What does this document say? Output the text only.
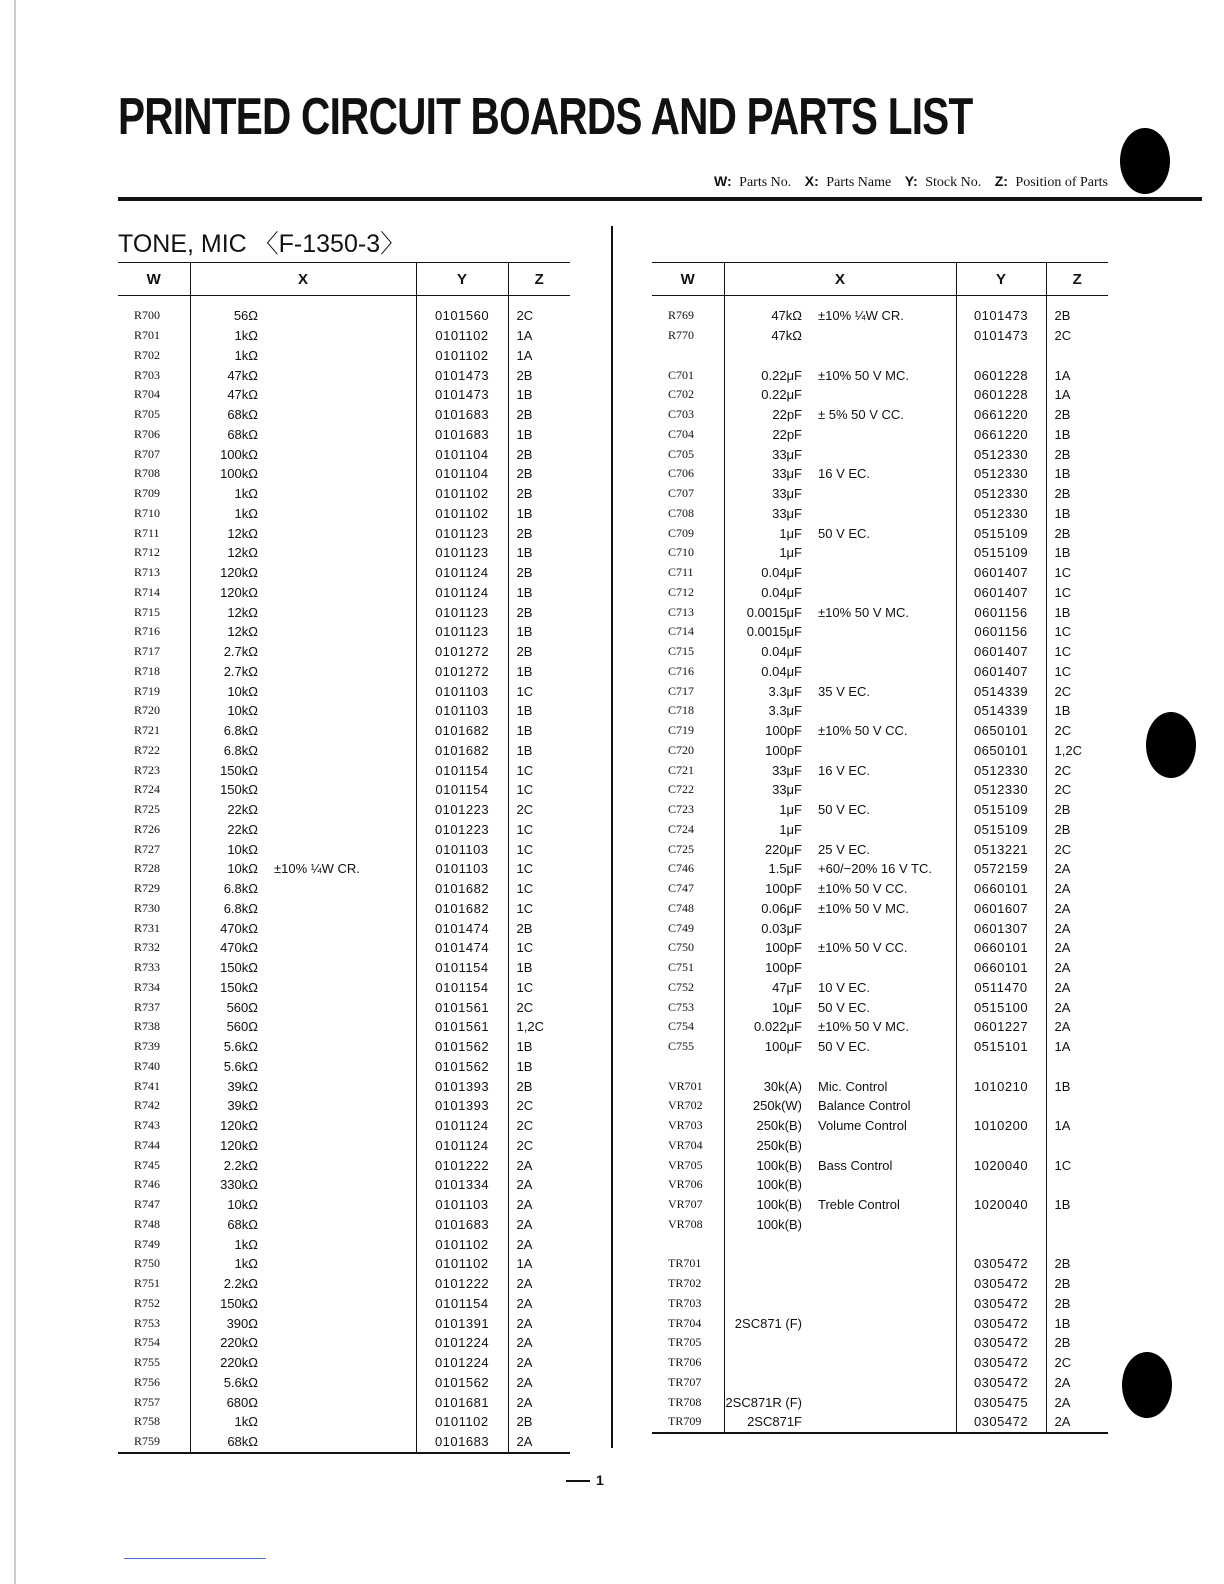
PRINTED CIRCUIT BOARDS AND PARTS LIST
W: Parts No. X: Parts Name Y: Stock No. Z: Position of Parts
TONE, MIC 〈F-1350-3〉
W	X		Y	Z

R700	56Ω		0101560	2C
R701	1kΩ		0101102	1A
R702	1kΩ		0101102	1A
R703	47kΩ		0101473	2B
R704	47kΩ		0101473	1B
R705	68kΩ		0101683	2B
R706	68kΩ		0101683	1B
R707	100kΩ		0101104	2B
R708	100kΩ		0101104	2B
R709	1kΩ		0101102	2B
R710	1kΩ		0101102	1B
R711	12kΩ		0101123	2B
R712	12kΩ		0101123	1B
R713	120kΩ		0101124	2B
R714	120kΩ		0101124	1B
R715	12kΩ		0101123	2B
R716	12kΩ		0101123	1B
R717	2.7kΩ		0101272	2B
R718	2.7kΩ		0101272	1B
R719	10kΩ		0101103	1C
R720	10kΩ		0101103	1B
R721	6.8kΩ		0101682	1B
R722	6.8kΩ		0101682	1B
R723	150kΩ		0101154	1C
R724	150kΩ		0101154	1C
R725	22kΩ		0101223	2C
R726	22kΩ		0101223	1C
R727	10kΩ		0101103	1C
R728	10kΩ	±10% ¼W CR.	0101103	1C
R729	6.8kΩ		0101682	1C
R730	6.8kΩ		0101682	1C
R731	470kΩ		0101474	2B
R732	470kΩ		0101474	1C
R733	150kΩ		0101154	1B
R734	150kΩ		0101154	1C
R737	560Ω		0101561	2C
R738	560Ω		0101561	1,2C
R739	5.6kΩ		0101562	1B
R740	5.6kΩ		0101562	1B
R741	39kΩ		0101393	2B
R742	39kΩ		0101393	2C
R743	120kΩ		0101124	2C
R744	120kΩ		0101124	2C
R745	2.2kΩ		0101222	2A
R746	330kΩ		0101334	2A
R747	10kΩ		0101103	2A
R748	68kΩ		0101683	2A
R749	1kΩ		0101102	2A
R750	1kΩ		0101102	1A
R751	2.2kΩ		0101222	2A
R752	150kΩ		0101154	2A
R753	390Ω		0101391	2A
R754	220kΩ		0101224	2A
R755	220kΩ		0101224	2A
R756	5.6kΩ		0101562	2A
R757	680Ω		0101681	2A
R758	1kΩ		0101102	2B
R759	68kΩ		0101683	2A
W	X		Y	Z

R769	47kΩ	±10% ¼W CR.	0101473	2B
R770	47kΩ		0101473	2C

C701	0.22μF	±10% 50 V MC.	0601228	1A
C702	0.22μF		0601228	1A
C703	22pF	± 5% 50 V CC.	0661220	2B
C704	22pF		0661220	1B
C705	33μF		0512330	2B
C706	33μF	16 V EC.	0512330	1B
C707	33μF		0512330	2B
C708	33μF		0512330	1B
C709	1μF	50 V EC.	0515109	2B
C710	1μF		0515109	1B
C711	0.04μF		0601407	1C
C712	0.04μF		0601407	1C
C713	0.0015μF	±10% 50 V MC.	0601156	1B
C714	0.0015μF		0601156	1C
C715	0.04μF		0601407	1C
C716	0.04μF		0601407	1C
C717	3.3μF	35 V EC.	0514339	2C
C718	3.3μF		0514339	1B
C719	100pF	±10% 50 V CC.	0650101	2C
C720	100pF		0650101	1,2C
C721	33μF	16 V EC.	0512330	2C
C722	33μF		0512330	2C
C723	1μF	50 V EC.	0515109	2B
C724	1μF		0515109	2B
C725	220μF	25 V EC.	0513221	2C
C746	1.5μF	+60/−20% 16 V TC.	0572159	2A
C747	100pF	±10% 50 V CC.	0660101	2A
C748	0.06μF	±10% 50 V MC.	0601607	2A
C749	0.03μF		0601307	2A
C750	100pF	±10% 50 V CC.	0660101	2A
C751	100pF		0660101	2A
C752	47μF	10 V EC.	0511470	2A
C753	10μF	50 V EC.	0515100	2A
C754	0.022μF	±10% 50 V MC.	0601227	2A
C755	100μF	50 V EC.	0515101	1A

VR701	30k(A)	Mic. Control	1010210	1B
VR702	250k(W)	Balance Control		
VR703	250k(B)	Volume Control	1010200	1A
VR704	250k(B)			
VR705	100k(B)	Bass Control	1020040	1C
VR706	100k(B)			
VR707	100k(B)	Treble Control	1020040	1B
VR708	100k(B)			

TR701			0305472	2B
TR702			0305472	2B
TR703			0305472	2B
TR704	2SC871 (F)		0305472	1B
TR705			0305472	2B
TR706			0305472	2C
TR707			0305472	2A
TR708	2SC871R (F)		0305475	2A
TR709	2SC871F		0305472	2A
1
